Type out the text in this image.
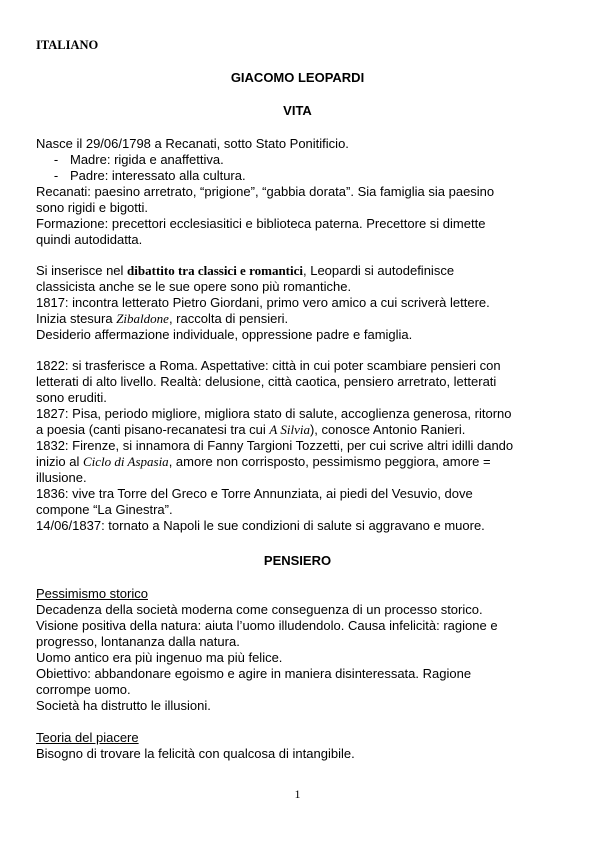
ITALIANO
GIACOMO LEOPARDI
VITA

Nasce il 29/06/1798 a Recanati, sotto Stato Ponitificio.

- Madre: rigida e anaffettiva.
- Padre: interessato alla cultura.

Recanati: paesino arretrato, “prigione”, “gabbia dorata”. Sia famiglia sia paesino

sono rigidi e bigotti.

Formazione: precettori ecclesiasitici e biblioteca paterna. Precettore si dimette

quindi autodidatta.

Si inserisce nel dibattito tra classici e romantici, Leopardi si autodefinisce

classicista anche se le sue opere sono più romantiche.

1817: incontra letterato Pietro Giordani, primo vero amico a cui scriverà lettere.

Inizia stesura Zibaldone, raccolta di pensieri.

Desiderio affermazione individuale, oppressione padre e famiglia.

1822: si trasferisce a Roma. Aspettative: città in cui poter scambiare pensieri con

letterati di alto livello. Realtà: delusione, città caotica, pensiero arretrato, letterati

sono eruditi.

1827: Pisa, periodo migliore, migliora stato di salute, accoglienza generosa, ritorno

a poesia (canti pisano-recanatesi tra cui A Silvia), conosce Antonio Ranieri.

1832: Firenze, si innamora di Fanny Targioni Tozzetti, per cui scrive altri idilli dando

inizio al Ciclo di Aspasia, amore non corrisposto, pessimismo peggiora, amore =

illusione.

1836: vive tra Torre del Greco e Torre Annunziata, ai piedi del Vesuvio, dove

compone “La Ginestra”.

14/06/1837: tornato a Napoli le sue condizioni di salute si aggravano e muore.

PENSIERO

Pessimismo storico

Decadenza della società moderna come conseguenza di un processo storico.

Visione positiva della natura: aiuta l’uomo illudendolo. Causa infelicità: ragione e

progresso, lontananza dalla natura.

Uomo antico era più ingenuo ma più felice.

Obiettivo: abbandonare egoismo e agire in maniera disinteressata. Ragione

corrompe uomo.

Società ha distrutto le illusioni.

Teoria del piacere

Bisogno di trovare la felicità con qualcosa di intangibile.

1
